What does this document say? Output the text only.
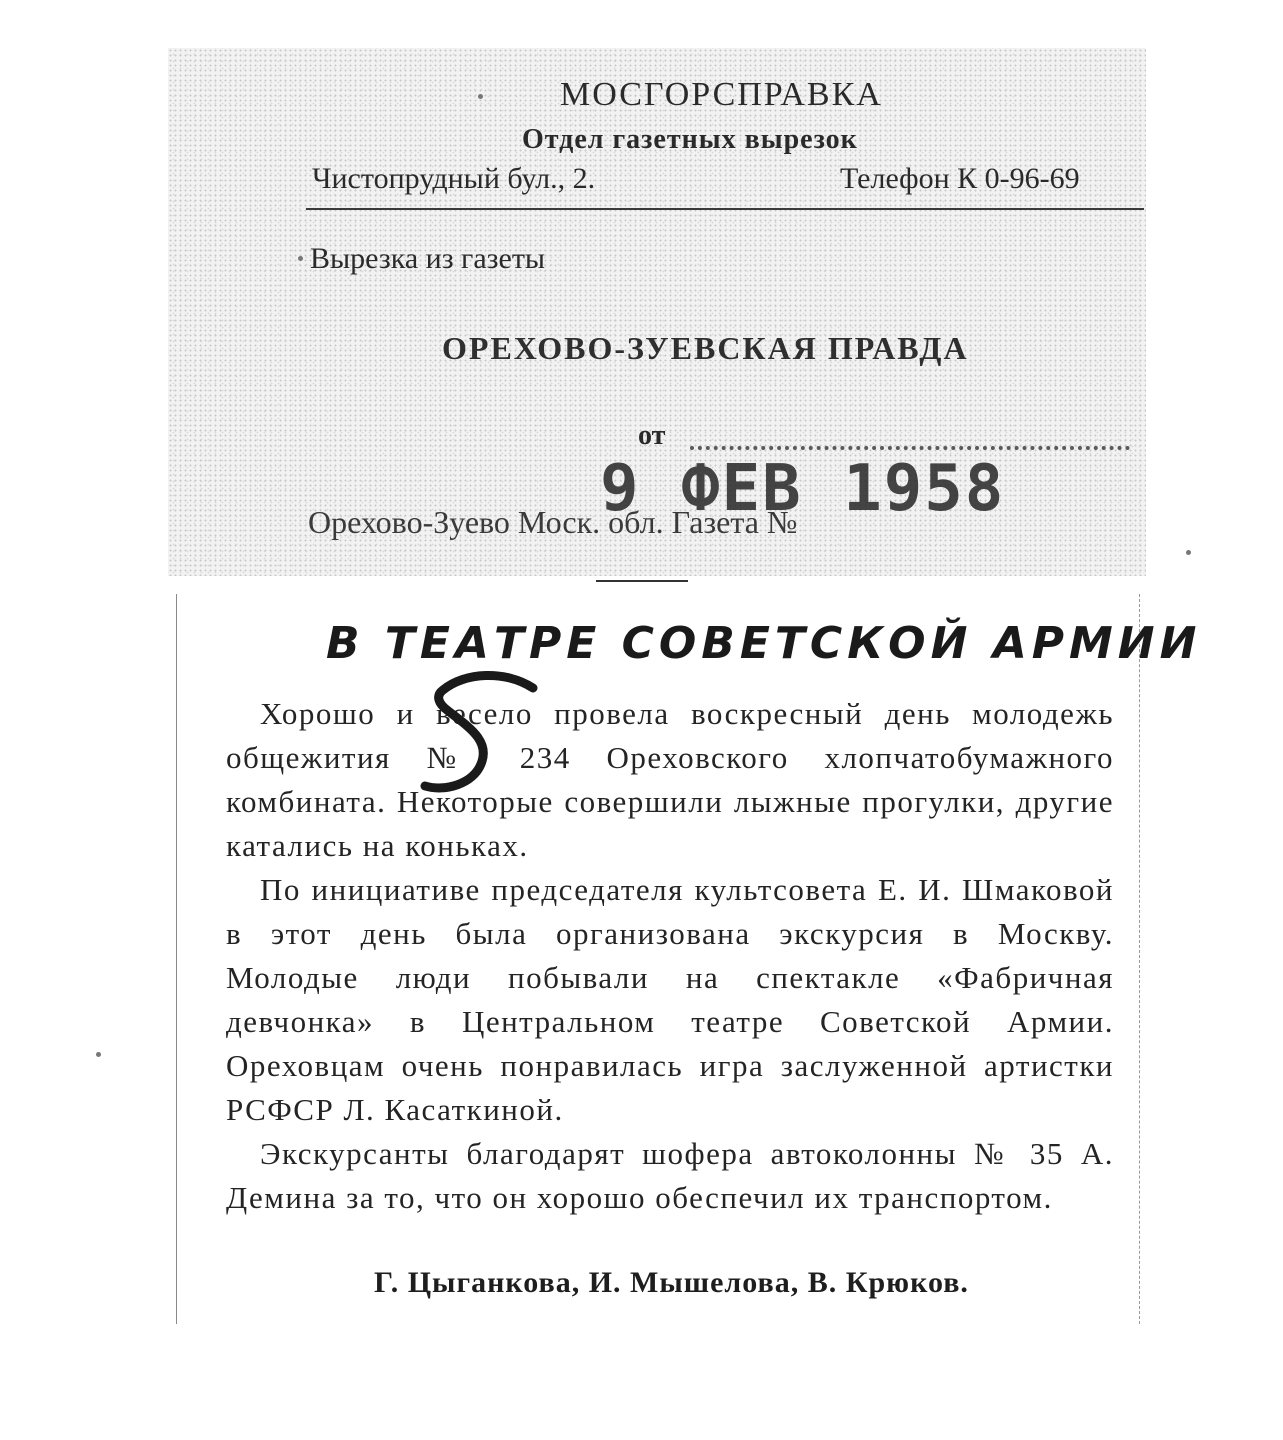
МОСГОРСПРАВКА
Отдел газетных вырезок
Чистопрудный бул., 2.	Телефон К 0-96-69
Вырезка из газеты
ОРЕХОВО-ЗУЕВСКАЯ ПРАВДА
от
Орехово-Зуево Моск. обл. Газета №
9 ФЕВ 1958
В ТЕАТРЕ СОВЕТСКОЙ АРМИИ

Хорошо и весело провела воскресный день молодежь общежития № 234 Ореховского хлопчатобумажного комбината. Некоторые совершили лыжные прогулки, другие катались на коньках.

По инициативе председателя культсовета Е. И. Шмаковой в этот день была организована экскурсия в Москву. Молодые люди побывали на спектакле «Фабричная девчонка» в Центральном театре Советской Армии. Ореховцам очень понравилась игра заслуженной артистки РСФСР Л. Касаткиной.

Экскурсанты благодарят шофера автоколонны № 35 А. Демина за то, что он хорошо обеспечил их транспортом.

Г. Цыганкова, И. Мышелова, В. Крюков.
